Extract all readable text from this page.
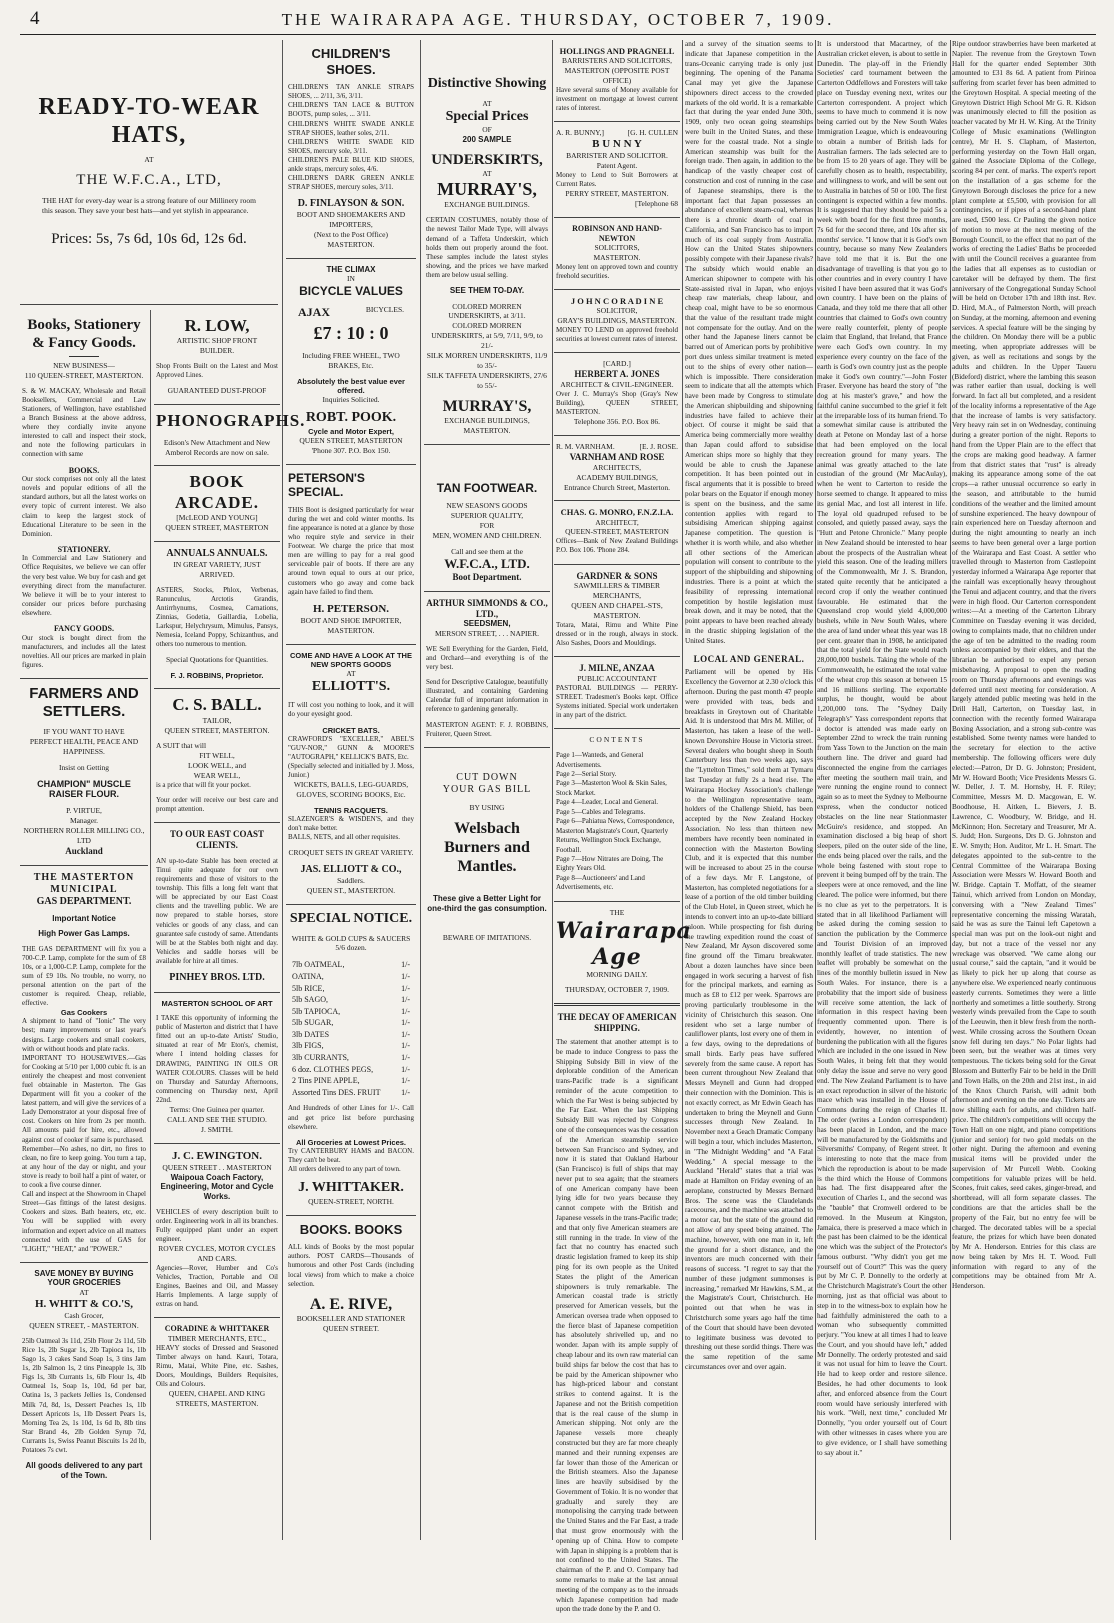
4	THE WAIRARAPA AGE. THURSDAY, OCTOBER 7, 1909.
READY-TO-WEAR HATS,
AT
THE W.F.C.A., LTD,
THE HAT for every-day wear is a strong feature of our Millinery room this season. They save your best hats—and yet stylish in appearance.
Prices: 5s, 7s 6d, 10s 6d, 12s 6d.
Books, Stationery & Fancy Goods.
NEW BUSINESS—
110 QUEEN-STREET, MASTERTON.
S. & W. MACKAY, Wholesale and Retail Booksellers, Commercial and Law Stationers, of Wellington, have established a Branch Business at the above address, where they cordially invite anyone interested to call and inspect their stock, and note the following particulars in connection with same
BOOKS.
Our stock comprises not only all the latest novels and popular editions of all the standard authors, but all the latest works on every topic of current interest. We also claim to keep the largest stock of Educational Literature to be seen in the Dominion.
STATIONERY.
In Commercial and Law Stationery and Office Requisites, we believe we can offer the very best value. We buy for cash and get everything direct from the manufacturer. We believe it will be to your interest to consider our prices before purchasing elsewhere.
FANCY GOODS.
Our stock is bought direct from the manufacturers, and includes all the latest novelties. All our prices are marked in plain figures.
FARMERS AND
SETTLERS.
IF YOU WANT TO HAVE
PERFECT HEALTH, PEACE AND HAPPINESS.
Insist on Getting
CHAMPION" MUSCLE
RAISER FLOUR.
P. VIRTUE,
Manager.
NORTHERN ROLLER MILLING CO., LTD
Auckland
THE MASTERTON
MUNICIPAL
GAS DEPARTMENT.
Important Notice
High Power Gas Lamps.
THE GAS DEPARTMENT will fix you a 700-C.P. Lamp, complete for the sum of £8 10s, or a 1,000-C.P. Lamp, complete for the sum of £9 10s. No trouble, no worry, no personal attention on the part of the customer is required. Cheap, reliable, effective.
Gas Cookers
A shipment to hand of "Ionic" The very best; many improvements or last year's designs. Large cookers and small cookers, with or without hoods and plate racks.
IMPORTANT TO HOUSEWIVES.—Gas for Cooking at 5/10 per 1,000 cubic ft. is an entirely the cheapest and most convenient fuel obtainable in Masterton. The Gas Department will fit you a cooker of the latest pattern, and will give the services of a Lady Demonstrator at your disposal free of cost. Cookers on hire from 2s per month. All amounts paid for hire, etc., allowed against cost of cooker if same is purchased.
Remember—No ashes, no dirt, no fires to clean, no fire to keep going. You turn a tap, at any hour of the day or night, and your stove is ready to boil half a pint of water, or to cook a five course dinner.
Call and inspect at the Showroom in Chapel Street—Gas fittings of the latest designs. Cookers and sizes. Bath heaters, etc, etc. You will be supplied with every information and expert advice on all matters connected with the use of GAS for "LIGHT," "HEAT," and "POWER."
SAVE MONEY BY BUYING
YOUR GROCERIES
AT
H. WHITT & CO.'S,
Cash Grocer,
QUEEN STREET, - MASTERTON.
25lb Oatmeal 3s 11d, 25lb Flour 2s 11d, 5lb Rice 1s, 2lb Sugar 1s, 2lb Tapioca 1s, 1lb Sago 1s, 3 cakes Sand Soap 1s, 3 tins Jam 1s, 2lb Salmon 1s, 2 tins Pineapple 1s, 3lb Figs 1s, 3lb Currants 1s, 6lb Flour 1s, 4lb Oatmeal 1s, Soap 1s, 10d, 6d per bar, Oatina 1s, 3 packets Jellies 1s, Condensed Milk 7d, 8d, 1s, Dessert Peaches 1s, 1lb Dessert Apricots 1s, 1lb Dessert Pears 1s, Morning Tea 2s, 1s 10d, 1s 6d lb, 8lb tins Star Brand 4s, 2lb Golden Syrup 7d, Currants 1s, Swiss Peanut Biscuits 1s 2d lb, Potatoes 7s cwt.
All goods delivered to any part of the Town.
R. LOW,
ARTISTIC SHOP FRONT
BUILDER.
Shop Fronts Built on the Latest and Most Approved Lines.
GUARANTEED DUST-PROOF
PHONOGRAPHS.
Edison's New Attachment and New Amberol Records are now on sale.
BOOK ARCADE.
[McLEOD AND YOUNG]
QUEEN STREET, MASTERTON
ANNUALS ANNUALS.
IN GREAT VARIETY, JUST ARRIVED.
ASTERS, Stocks, Phlox, Verbenas, Ranunculus, Arctotis Grandis, Antirrhynums, Cosmea, Carnations, Zinnias, Godetia, Gaillardia, Lobelia, Larkspur, Helychrysum, Mimulus, Pansys, Nemesia, Iceland Poppy, Schizanthus, and others too numerous to mention.
Special Quotations for Quantities.
F. J. ROBBINS, Proprietor.
C. S. BALL.
TAILOR,
QUEEN STREET, MASTERTON.
A SUIT that will
FIT WELL,
LOOK WELL, and
WEAR WELL,
is a price that will fit your pocket.
Your order will receive our best care and prompt attention.
TO OUR EAST COAST CLIENTS.
AN up-to-date Stable has been erected at Tinui quite adequate for our own requirements and those of visitors to the township. This fills a long felt want that will be appreciated by our East Coast clients and the travelling public. We are now prepared to stable horses, store vehicles or goods of any class, and can guarantee safe custody of same. Attendants will be at the Stables both night and day. Vehicles and saddle horses will be available for hire at all times.
PINHEY BROS. LTD.
MASTERTON SCHOOL OF ART
I TAKE this opportunity of informing the public of Masterton and district that I have fitted out an up-to-date Artists' Studio, situated at rear of Mr Eton's, chemist, where I intend holding classes for DRAWING, PAINTING IN OILS OR WATER COLOURS. Classes will be held on Thursday and Saturday Afternoons, commencing on Thursday next, April 22nd.
Terms: One Guinea per quarter.
CALL AND SEE THE STUDIO.
J. SMITH.
J. C. EWINGTON.
QUEEN STREET . . MASTERTON
Waipoua Coach Factory, Engineering, Motor and Cycle Works.
VEHICLES of every description built to order. Engineering work in all its branches. Fully equipped plant under an expert engineer.
ROVER CYCLES, MOTOR CYCLES AND CARS.
Agencies—Rover, Humber and Co's Vehicles, Traction, Portable and Oil Engines, Baeines and Oil, and Massey Harris Implements. A large supply of extras on hand.
CORADINE & WHITTAKER
TIMBER MERCHANTS, ETC.,
HEAVY stocks of Dressed and Seasoned Timber always on hand. Kauri, Totara, Rimu, Matai, White Pine, etc. Sashes, Doors, Mouldings, Builders Requisites, Oils and Colours.
QUEEN, CHAPEL AND KING STREETS, MASTERTON.
CHILDREN'S SHOES.
CHILDREN'S TAN ANKLE STRAPS SHOES, ... 2/11, 3/6, 3/11.
CHILDREN'S TAN LACE & BUTTON BOOTS, pump soles, ... 3/11.
CHILDREN'S WHITE SWADE ANKLE STRAP SHOES, leather soles, 2/11.
CHILDREN'S WHITE SWADE KID SHOES, mercury sole, 3/11.
CHILDREN'S PALE BLUE KID SHOES, ankle straps, mercury soles, 4/6.
CHILDREN'S DARK GREEN ANKLE STRAP SHOES, mercury soles, 3/11.
D. FINLAYSON & SON.
BOOT AND SHOEMAKERS AND IMPORTERS,
(Next to the Post Office)
MASTERTON.
THE CLIMAX
IN
BICYCLE VALUES
AJAX	BICYCLES.
£7 : 10 : 0
Including FREE WHEEL, TWO BRAKES, Etc.
Absolutely the best value ever offered.
Inquiries Solicited.
ROBT. POOK.
Cycle and Motor Expert,
QUEEN STREET, MASTERTON
'Phone 307. P.O. Box 150.
PETERSON'S
SPECIAL.
THIS Boot is designed particularly for wear during the wet and cold winter months. Its fine appearance is noted at a glance by those who require style and service in their Footwear. We charge the price that most men are willing to pay for a real good serviceable pair of boots. If there are any around town equal to ours at our price, customers who go away and come back again have failed to find them.
H. PETERSON.
BOOT AND SHOE IMPORTER, MASTERTON.
COME AND HAVE A LOOK AT THE NEW SPORTS GOODS
AT
ELLIOTT'S.
IT will cost you nothing to look, and it will do your eyesight good.
CRICKET BATS.
CRAWFORD'S "EXCELLER," ABEL'S "GUV-NOR," GUNN & MOORE'S "AUTOGRAPH," KELLICK'S BATS, Etc.
(Specially selected and initialled by J. Moss, Junior.)
WICKETS, BALLS, LEG-GUARDS, GLOVES, SCORING BOOKS, Etc.
TENNIS RACQUETS.
SLAZENGER'S & WISDEN'S, and they don't make better.
BALLS, NETS, and all other requisites.
CROQUET SETS IN GREAT VARIETY.
JAS. ELLIOTT & CO.,
Saddlers.
QUEEN ST., MASTERTON.
SPECIAL NOTICE.
WHITE & GOLD CUPS & SAUCERS 5/6 dozen.
7lb OATMEAL,	1/-
OATINA,	1/-
5lb RICE,	1/-
5lb SAGO,	1/-
5lb TAPIOCA,	1/-
5lb SUGAR,	1/-
3lb DATES	1/-
3lb FIGS,	1/-
3lb CURRANTS,	1/-
6 doz. CLOTHES PEGS,	1/-
2 Tins PINE APPLE,	1/-
Assorted Tins DES. FRUIT	1/-
And Hundreds of other Lines for 1/-. Call and get price list before purchasing elsewhere.
All Groceries at Lowest Prices.
Try CANTERBURY HAMS and BACON. They can't be beat.
All orders delivered to any part of town.
J. WHITTAKER.
QUEEN-STREET, NORTH.
BOOKS. BOOKS
ALL kinds of Books by the most popular authors. POST CARDS—Thousands of humorous and other Post Cards (including local views) from which to make a choice selection.
A. E. RIVE,
BOOKSELLER AND STATIONER
QUEEN STREET.
Distinctive Showing
AT
Special Prices
OF
200 SAMPLE
UNDERSKIRTS,
AT
MURRAY'S,
EXCHANGE BUILDINGS.
CERTAIN COSTUMES, notably those of the newest Tailor Made Type, will always demand of a Taffeta Underskirt, which holds them out properly around the foot. These samples include the latest styles showing, and the prices we have marked them are below usual selling.
SEE THEM TO-DAY.
COLORED MORREN UNDERSKIRTS, at 3/11.
COLORED MORREN UNDERSKIRTS, at 5/9, 7/11, 9/9, to 21/-
SILK MORREN UNDERSKIRTS, 11/9 to 35/-
SILK TAFFETA UNDERSKIRTS, 27/6 to 55/-
MURRAY'S,
EXCHANGE BUILDINGS,
MASTERTON.
TAN FOOTWEAR.
NEW SEASON'S GOODS
SUPERIOR QUALITY,
FOR
MEN, WOMEN AND CHILDREN.
Call and see them at the
W.F.C.A., LTD.
Boot Department.
ARTHUR SIMMONDS & CO., LTD.,
SEEDSMEN,
MERSON STREET, . . . NAPIER.
WE Sell Everything for the Garden, Field, and Orchard—and everything is of the very best.
Send for Descriptive Catalogue, beautifully illustrated, and containing Gardening Calendar full of important information in reference to gardening generally.
MASTERTON AGENT: F. J. ROBBINS, Fruiterer, Queen Street.
CUT DOWN
YOUR GAS BILL
BY USING
Welsbach Burners and Mantles.
These give a Better Light for one-third the gas consumption.
BEWARE OF IMITATIONS.
HOLLINGS AND PRAGNELL
BARRISTERS AND SOLICITORS,
MASTERTON (OPPOSITE POST OFFICE)
Have several sums of Money available for investment on mortgage at lowest current rates of interest.
A. R. BUNNY,]	[G. H. CULLEN
B U N N Y
BARRISTER AND SOLICITOR.
Patent Agent.
Money to Lend to Suit Borrowers at Current Rates.
PERRY STREET, MASTERTON.
[Telephone 68
ROBINSON AND HAND-NEWTON
SOLICITORS,
MASTERTON.
Money lent on approved town and country freehold securities.
J O H N C O R A D I N E
SOLICITOR,
GRAY'S BUILDINGS, MASTERTON.
MONEY TO LEND on approved freehold securities at lowest current rates of interest.
[CARD.]
HERBERT A. JONES
ARCHITECT & CIVIL-ENGINEER.
Over J. C. Murray's Shop (Gray's New Building), QUEEN STREET, MASTERTON.
Telephone 356. P.O. Box 86.
R. M. VARNHAM.	[E. J. ROSE.
VARNHAM AND ROSE
ARCHITECTS,
ACADEMY BUILDINGS,
Entrance Church Street, Masterton.
CHAS. G. MONRO, F.N.Z.I.A.
ARCHITECT,
QUEEN-STREET, MASTERTON
Offices—Bank of New Zealand Buildings P.O. Box 106. 'Phone 284.
GARDNER & SONS
SAWMILLERS & TIMBER MERCHANTS,
QUEEN AND CHAPEL-STS, MASTERTON.
Totara, Matai, Rimu and White Pine dressed or in the rough, always in stock. Also Sashes, Doors and Mouldings.
J. MILNE, ANZAA
PUBLIC ACCOUNTANT
PASTORAL BUILDINGS — PERRY-STREET. Tradesmen's Books kept. Office Systems initiated. Special work undertaken in any part of the district.
CONTENTS
Page 1—Wanteds, and General Advertisements.
Page 2—Serial Story.
Page 3—Masterton Wool & Skin Sales, Stock Market.
Page 4—Leader, Local and General.
Page 5—Cables and Telegrams.
Page 6—Pahiatua News, Correspondence, Masterton Magistrate's Court, Quarterly Returns, Wellington Stock Exchange, Football.
Page 7—How Nitrates are Doing, The Eighty Years Old.
Page 8—Auctioneers' and Land Advertisements, etc.
THE
Wairarapa Age
MORNING DAILY.
THURSDAY, OCTOBER 7, 1909.
THE DECAY OF AMERICAN SHIPPING.
The statement that another attempt is to be made to induce Congress to pass the Shipping Subsidy Bill in view of the deplorable condition of the American trans-Pacific trade is a significant reminder of the acute competition to which the Far West is being subjected by the Far East. When the last Shipping Subsidy Bill was rejected by Congress one of the consequences was the cessation of the American steamship service between San Francisco and Sydney, and now it is stated that Oakland Harbour (San Francisco) is full of ships that may never put to sea again; that the steamers of one American company have been lying idle for two years because they cannot compete with the British and Japanese vessels in the trans-Pacific trade; and that only five American steamers are still running in the trade. In view of the fact that no country has enacted such drastic legislation framed to keep its ship ping for its own people as the United States the plight of the American shipowners is truly remarkable. The American coastal trade is strictly preserved for American vessels, but the American oversea trade when opposed to the fierce blast of Japanese competition has absolutely shrivelled up, and no wonder. Japan with its ample supply of cheap labour and its own raw material can build ships far below the cost that has to be paid by the American shipowner who has high-priced labour and constant strikes to contend against. It is the Japanese and not the British competition that is the real cause of the slump in American shipping. Not only are the Japanese vessels more cheaply constructed but they are far more cheaply manned and their running expenses are far lower than those of the American or the British steamers. Also the Japanese lines are heavily subsidised by the Government of Tokio. It is no wonder that gradually and surely they are monopolising the carrying trade between the United States and the Far East, a trade that must grow enormously with the opening up of China. How to compete with Japan in shipping is a problem that is not confined to the United States. The chairman of the P. and O. Company had some remarks to make at the last annual meeting of the company as to the inroads which Japanese competition had made upon the trade done by the P. and O.
and a survey of the situation seems to indicate that Japanese competition in the trans-Oceanic carrying trade is only just beginning. The opening of the Panama Canal may yet give the Japanese shipowners direct access to the crowded markets of the old world. It is a remarkable fact that during the year ended June 30th, 1909, only two ocean going steamships were built in the United States, and these were for the coastal trade. Not a single American steamship was built for the foreign trade. Then again, in addition to the handicap of the vastly cheaper cost of construction and cost of running in the case of Japanese steamships, there is the important fact that Japan possesses an abundance of excellent steam-coal, whereas there is a chronic dearth of coal in California, and San Francisco has to import much of its coal supply from Australia. How can the United States shipowners possibly compete with their Japanese rivals? The subsidy which would enable an American shipowner to compete with his State-assisted rival in Japan, who enjoys cheap raw materials, cheap labour, and cheap coal, might have to be so enormous that the value of the resultant trade might not compensate for the outlay. And on the other hand the Japanese liners cannot be barred out of American ports by prohibitive port dues unless similar treatment is meted out to the ships of every other nation—which is impossible. There consideration seem to indicate that all the attempts which have been made by Congress to stimulate the American shipbuilding and shipowning industries have failed to achieve their object. Of course it might be said that America being commercially more wealthy than Japan could afford to subsidise American ships more so highly that they would be able to crush the Japanese competition. It has been pointed out in fiscal arguments that it is possible to breed polar bears on the Equator if enough money is spent on the business, and the same contention applies with regard to subsidising American shipping against Japanese competition. The question is whether it is worth while, and also whether all other sections of the American population will consent to contribute to the support of the shipbuilding and shipowning industries. There is a point at which the feasibility of repressing international competition by hostile legislation must break down, and it may be noted, that the point appears to have been reached already in the drastic shipping legislation of the United States.
LOCAL AND GENERAL.
Parliament will be opened by His Excellency the Governor at 2.30 o'clock this afternoon. During the past month 47 people were provided with teas, beds and breakfasts in Greytown out of Charitable Aid. It is understood that Mrs M. Miller, of Masterton, has taken a lease of the well-known Devonshire House in Victoria street. Several dealers who bought sheep in South Canterbury less than two weeks ago, says the "Lyttelton Times," sold them at Tymaru last Tuesday at fully 2s a head rise. The Wairarapa Hockey Association's challenge to the Wellington representative team, holders of the Challenge Shield, has been accepted by the New Zealand Hockey Association. No less than thirteen new members have recently been nominated in connection with the Masterton Bowling Club, and it is expected that this number will be increased to about 25 in the course of a few days. Mr F. Langstone, of Masterton, has completed negotiations for a lease of a portion of the old timber building of the Club Hotel, in Queen street, which he intends to convert into an up-to-date billiard saloon. While prospecting for fish during the trawling expedition round the coast of New Zealand, Mr Ayson discovered some fine ground off the Timaru breakwater. About a dozen launches have since been engaged in work securing a harvest of fish for the principal markets, and earning as much as £8 to £12 per week. Sparrows are proving particularly troublesome in the vicinity of Christchurch this season. One resident who set a large number of cauliflower plants, lost every one of them in a few days, owing to the depredations of small birds. Early peas have suffered severely from the same cause. A report has been current throughout New Zealand that Messrs Meynell and Gunn had dropped their connection with the Dominion. This is not exactly correct, as Mr Edwin Geach has undertaken to bring the Meynell and Gunn successes through New Zealand. In November next a Geach Dramatic Company will begin a tour, which includes Masterton, in "The Midnight Wedding" and "A Fatal Wedding." A special message to the Auckland "Herald" states that a trial was made at Hamilton on Friday evening of an aeroplane, constructed by Messrs Bernard Bros. The scene was the Claudelands racecourse, and the machine was attached to a motor car, but the state of the ground did not allow of any speed being attained. The machine, however, with one man in it, left the ground for a short distance, and the inventors are much concerned with their reasons of success. "I regret to say that the number of these judgment summonses is increasing," remarked Mr Hawkins, S.M., at the Magistrate's Court, Christchurch. He pointed out that when he was in Christchurch some years ago half the time of the Court that should have been devoted to legitimate business was devoted to threshing out these sordid things. There was the same repetition of the same circumstances over and over again.
It is understood that Macartney, of the Australian cricket eleven, is about to settle in Dunedin. The play-off in the Friendly Societies' card tournament between the Carterton Oddfellows and Foresters will take place on Tuesday evening next, writes our Carterton correspondent. A project which seems to have much to commend it is now being carried out by the New South Wales Immigration League, which is endeavouring to obtain a number of British lads for Australian farmers. The lads selected are to be from 15 to 20 years of age. They will be carefully chosen as to health, respectability, and willingness to work, and will be sent out to Australia in batches of 50 or 100. The first contingent is expected within a few months. It is suggested that they should be paid 5s a week with board for the first three months, 7s 6d for the second three, and 10s after six months' service. "I know that it is God's own country, because so many New Zealanders have told me that it is. But the one disadvantage of travelling is that you go to other countries and in every country I have visited I have been assured that it was God's own country. I have been on the plains of Canada, and they told me there that all other countries that claimed to God's own country were really counterfeit, plenty of people claim that England, that Ireland, that France were each God's own country. In my experience every country on the face of the earth is God's own country just as the people make it God's own country."—John Foster Fraser. Everyone has heard the story of "the dog at his master's grave," and how the faithful canine succumbed to the grief it felt at the irreparable loss of its human friend. To a somewhat similar cause is attributed the death at Petone on Monday last of a horse that had been employed on the local recreation ground for many years. The animal was greatly attached to the late custodian of the ground (Mr MacAulay), when he went to Carterton to reside the horse seemed to change. It appeared to miss its genial Mac, and lost all interest in life. The loyal old quadruped refused to be consoled, and quietly passed away, says the "Hutt and Petone Chronicle." Many people in New Zealand should be interested to hear about the prospects of the Australian wheat yield this season. One of the leading millers of the Commonwealth, Mr J. S. Brandon, stated quite recently that he anticipated a record crop if only the weather continued favourable. He estimated that the Queensland crop would yield 4,000,000 bushels, while in New South Wales, where the area of land under wheat this year was 18 per cent. greater than in 1908, he anticipated that the total yield for the State would reach 28,000,000 bushels. Taking the whole of the Commonwealth, he estimated the total value of the wheat crop this season at between 15 and 16 millions sterling. The exportable surplus, he thought, would be about 1,200,000 tons. The "Sydney Daily Telegraph's" Yass correspondent reports that a doctor is attended was made early on September 22nd to wreck the train running from Yass Town to the Junction on the main southern line. The driver and guard had disconnected the engine from the carriages after meeting the southern mail train, and were running the engine round to connect again so as to meet the Sydney to Melbourne express, when the conductor noticed obstacles on the line near Stationmaster McGuire's residence, and stopped. An examination disclosed a big heap of short sleepers, piled on the outer side of the line, the ends being placed over the rails, and the whole being fastened with stout rope to prevent it being bumped off by the train. The sleepers were at once removed, and the line cleared. The police were informed, but there is no clue as yet to the perpetrators. It is stated that in all likelihood Parliament will be asked during the coming session to sanction the publication by the Commerce and Tourist Division of an improved monthly leaflet of trade statistics. The new leaflet will probably be somewhat on the lines of the monthly bulletin issued in New South Wales. For instance, there is a probability that the import side of business will receive some attention, the lack of information in this respect having been frequently commented upon. There is evidently, however, no intention of burdening the publication with all the figures which are included in the one issued in New South Wales, it being felt that they would only delay the issue and serve no very good end. The New Zealand Parliament is to have an exact reproduction in silver of the historic mace which was installed in the House of Commons during the reign of Charles II. The order (writes a London correspondent) has been placed in London, and the mace will be manufactured by the Goldsmiths and Silversmiths' Company, of Regent street. It is interesting to note that the mace from which the reproduction is about to be made is the third which the House of Commons has had. The first disappeared after the execution of Charles I., and the second was the "bauble" that Cromwell ordered to be removed. In the Museum at Kingston, Jamaica, there is preserved a mace which in the past has been claimed to be the identical one which was the subject of the Protector's famous outburst. "Why didn't you get me yourself out of Court?" This was the query put by Mr C. P. Donnelly to the orderly at the Christchurch Magistrate's Court the other morning, just as that official was about to step in to the witness-box to explain how he had faithfully administered the oath to a woman who subsequently committed perjury. "You knew at all times I had to leave the Court, and you should have left," added Mr Donnelly. The orderly protested and said it was not usual for him to leave the Court. He had to keep order and restore silence. Besides, he had other documents to look after, and enforced absence from the Court room would have seriously interfered with his work. "Well, next time," concluded Mr Donnelly, "you order yourself out of Court with other witnesses in cases where you are to give evidence, or I shall have something to say about it."
Ripe outdoor strawberries have been marketed at Napier. The revenue from the Greytown Town Hall for the quarter ended September 30th amounted to £31 8s 6d. A patient from Pirinoa suffering from scarlet fever has been admitted to the Greytown Hospital. A special meeting of the Greytown District High School Mr G. R. Kidson was unanimously elected to fill the position as teacher vacated by Mr H. W. King. At the Trinity College of Music examinations (Wellington centre), Mr H. S. Clapham, of Masterton, performing yesterday on the Town Hall organ, gained the Associate Diploma of the College, scoring 84 per cent. of marks. The expert's report on the installation of a gas scheme for the Greytown Borough discloses the price for a new plant complete at £5,500, with provision for all contingencies, or if pipes of a second-hand plant are used, £500 less. Cr Pauling the given notice of motion to move at the next meeting of the Borough Council, to the effect that no part of the works of erecting the Ladies' Baths be proceeded with until the Council receives a guarantee from the ladies that all expenses as to custodian or caretaker will be defrayed by them. The first anniversary of the Congregational Sunday School will be held on October 17th and 18th inst. Rev. D. Hird, M.A., of Palmerston North, will preach on Sunday, at the morning, afternoon and evening services. A special feature will be the singing by the children. On Monday there will be a public meeting, when appropriate addresses will be given, as well as recitations and songs by the adults and children. In the Upper Taueru (Bideford) district, where the lambing this season was rather earlier than usual, docking is well forward. In fact all but completed, and a resident of the locality informs a representative of the Age that the increase of lambs is very satisfactory. Very heavy rain set in on Wednesday, continuing during a greater portion of the night. Reports to hand from the Upper Plain are to the effect that the crops are making good headway. A farmer from that district states that "rust" is already making its appearance among some of the oat crops—a rather unusual occurrence so early in the season, and attributable to the humid conditions of the weather and the limited amount of sunshine experienced. The heavy downpour of rain experienced here on Tuesday afternoon and during the night amounting to nearly an inch seems to have been general over a large portion of the Wairarapa and East Coast. A settler who travelled through to Masterton from Castlepoint yesterday informed a Wairarapa Age reporter that the rainfall was exceptionally heavy throughout the Tenui and adjacent country, and that the rivers were in high flood. Our Carterton correspondent writes:—At a meeting of the Carterton Library Committee on Tuesday evening it was decided, owing to complaints made, that no children under the age of ten be admitted to the reading room unless accompanied by their elders, and that the librarian be authorised to expel any person misbehaving. A proposal to open the reading room on Thursday afternoons and evenings was deferred until next meeting for consideration. A largely attended public meeting was held in the Drill Hall, Carterton, on Tuesday last, in connection with the recently formed Wairarapa Boxing Association, and a strong sub-centre was established. Some twenty names were handed to the secretary for election to the active membership. The following officers were duly elected:—Patron, Dr D. G. Johnston; President, Mr W. Howard Booth; Vice Presidents Messrs G. W. Deller, J. T. M. Hornsby, H. F. Riley; Committee, Messrs M. D. Macgowan, E. W. Boodhouse, H. Aitken, L. Bievers, J. B. Lawrence, C. Woodbury, W. Bridge, and H. McKinnon; Hon. Secretary and Treasurer, Mr A. S. Judd; Hon. Surgeons, Drs D. G. Johnston and E. W. Smyth; Hon. Auditor, Mr L. H. Smart. The delegates appointed to the sub-centre to the Central Committee of the Wairarapa Boxing Association were Messrs W. Howard Booth and W. Bridge. Captain T. Moffatt, of the steamer Tainui, which arrived from London on Monday, conversing with a "New Zealand Times" representative concerning the missing Waratah, said he was as sure the Tainui left Capetown a special man was put on the look-out night and day, but not a trace of the vessel nor any wreckage was observed. "We came along our usual course," said the captain, "and it would be as likely to pick her up along that course as anywhere else. We experienced nearly continuous easterly currents. Sometimes they were a little northerly and sometimes a little southerly. Strong westerly winds prevailed from the Cape to south of the Leeuwin, then it blew fresh from the north-west. While crossing across the Southern Ocean snow fell during ten days." No Polar lights had been seen, but the weather was at times very tempestuous. The tickets being sold for the Great Blossom and Butterfly Fair to be held in the Drill and Town Halls, on the 20th and 21st inst., in aid of the Knox Church Parish, will admit both afternoon and evening on the one day. Tickets are now shilling each for adults, and children half-price. The children's competitions will occupy the Town Hall on one night, and piano competitions (junior and senior) for two gold medals on the other night. During the afternoon and evening musical items will be provided under the supervision of Mr Purcell Webb. Cooking competitions for valuable prizes will be held. Scones, fruit cakes, seed cakes, ginger-bread, and shortbread, will all form separate classes. The conditions are that the articles shall be the property of the Fair, but no entry fee will be charged. The decorated tables will be a special feature, the prizes for which have been donated by Mr A. Henderson. Entries for this class are now being taken by Mrs H. T. Wood. Full information with regard to any of the competitions may be obtained from Mr A. Henderson.
